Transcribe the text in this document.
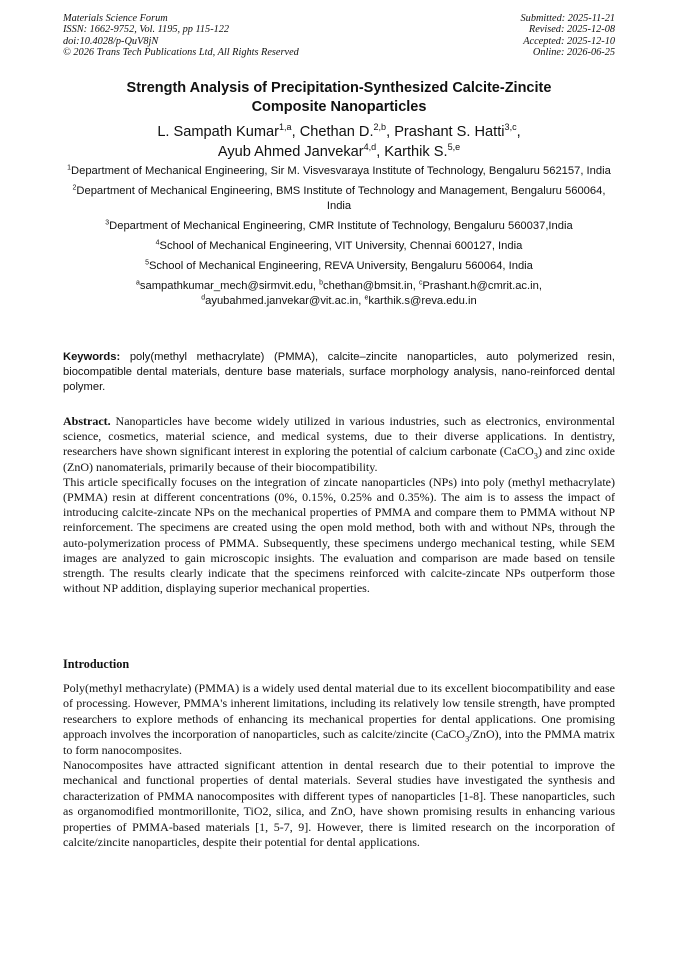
Materials Science Forum
ISSN: 1662-9752, Vol. 1195, pp 115-122
doi:10.4028/p-QuV8jN
© 2026 Trans Tech Publications Ltd, All Rights Reserved
Submitted: 2025-11-21
Revised: 2025-12-08
Accepted: 2025-12-10
Online: 2026-06-25
Strength Analysis of Precipitation-Synthesized Calcite-Zincite
Composite Nanoparticles
L. Sampath Kumar$^{1,a}$, Chethan D.$^{2,b}$, Prashant S. Hatti$^{3,c}$,
Ayub Ahmed Janvekar$^{4,d}$, Karthik S.$^{5,e}$
$^1$Department of Mechanical Engineering, Sir M. Visvesvaraya Institute of Technology, Bengaluru 562157, India
$^2$Department of Mechanical Engineering, BMS Institute of Technology and Management, Bengaluru 560064, India
$^3$Department of Mechanical Engineering, CMR Institute of Technology, Bengaluru 560037,India
$^4$School of Mechanical Engineering, VIT University, Chennai 600127, India
$^5$School of Mechanical Engineering, REVA University, Bengaluru 560064, India
$^a$sampathkumar_mech@sirmvit.edu, $^b$chethan@bmsit.in, $^c$Prashant.h@cmrit.ac.in,
$^d$ayubahmed.janvekar@vit.ac.in, $^e$karthik.s@reva.edu.in
Keywords: poly(methyl methacrylate) (PMMA), calcite–zincite nanoparticles, auto polymerized resin, biocompatible dental materials, denture base materials, surface morphology analysis, nano-reinforced dental polymer.

Abstract. Nanoparticles have become widely utilized in various industries, such as electronics, environmental science, cosmetics, material science, and medical systems, due to their diverse applications. In dentistry, researchers have shown significant interest in exploring the potential of calcium carbonate (CaCO$_3$) and zinc oxide (ZnO) nanomaterials, primarily because of their biocompatibility.

This article specifically focuses on the integration of zincate nanoparticles (NPs) into poly (methyl methacrylate) (PMMA) resin at different concentrations (0%, 0.15%, 0.25% and 0.35%). The aim is to assess the impact of introducing calcite-zincate NPs on the mechanical properties of PMMA and compare them to PMMA without NP reinforcement. The specimens are created using the open mold method, both with and without NPs, through the auto-polymerization process of PMMA. Subsequently, these specimens undergo mechanical testing, while SEM images are analyzed to gain microscopic insights. The evaluation and comparison are made based on tensile strength. The results clearly indicate that the specimens reinforced with calcite-zincate NPs outperform those without NP addition, displaying superior mechanical properties.

Introduction

Poly(methyl methacrylate) (PMMA) is a widely used dental material due to its excellent biocompatibility and ease of processing. However, PMMA's inherent limitations, including its relatively low tensile strength, have prompted researchers to explore methods of enhancing its mechanical properties for dental applications. One promising approach involves the incorporation of nanoparticles, such as calcite/zincite (CaCO$_3$/ZnO), into the PMMA matrix to form nanocomposites.

Nanocomposites have attracted significant attention in dental research due to their potential to improve the mechanical and functional properties of dental materials. Several studies have investigated the synthesis and characterization of PMMA nanocomposites with different types of nanoparticles [1-8]. These nanoparticles, such as organomodified montmorillonite, TiO2, silica, and ZnO, have shown promising results in enhancing various properties of PMMA-based materials [1, 5-7, 9]. However, there is limited research on the incorporation of calcite/zincite nanoparticles, despite their potential for dental applications.
